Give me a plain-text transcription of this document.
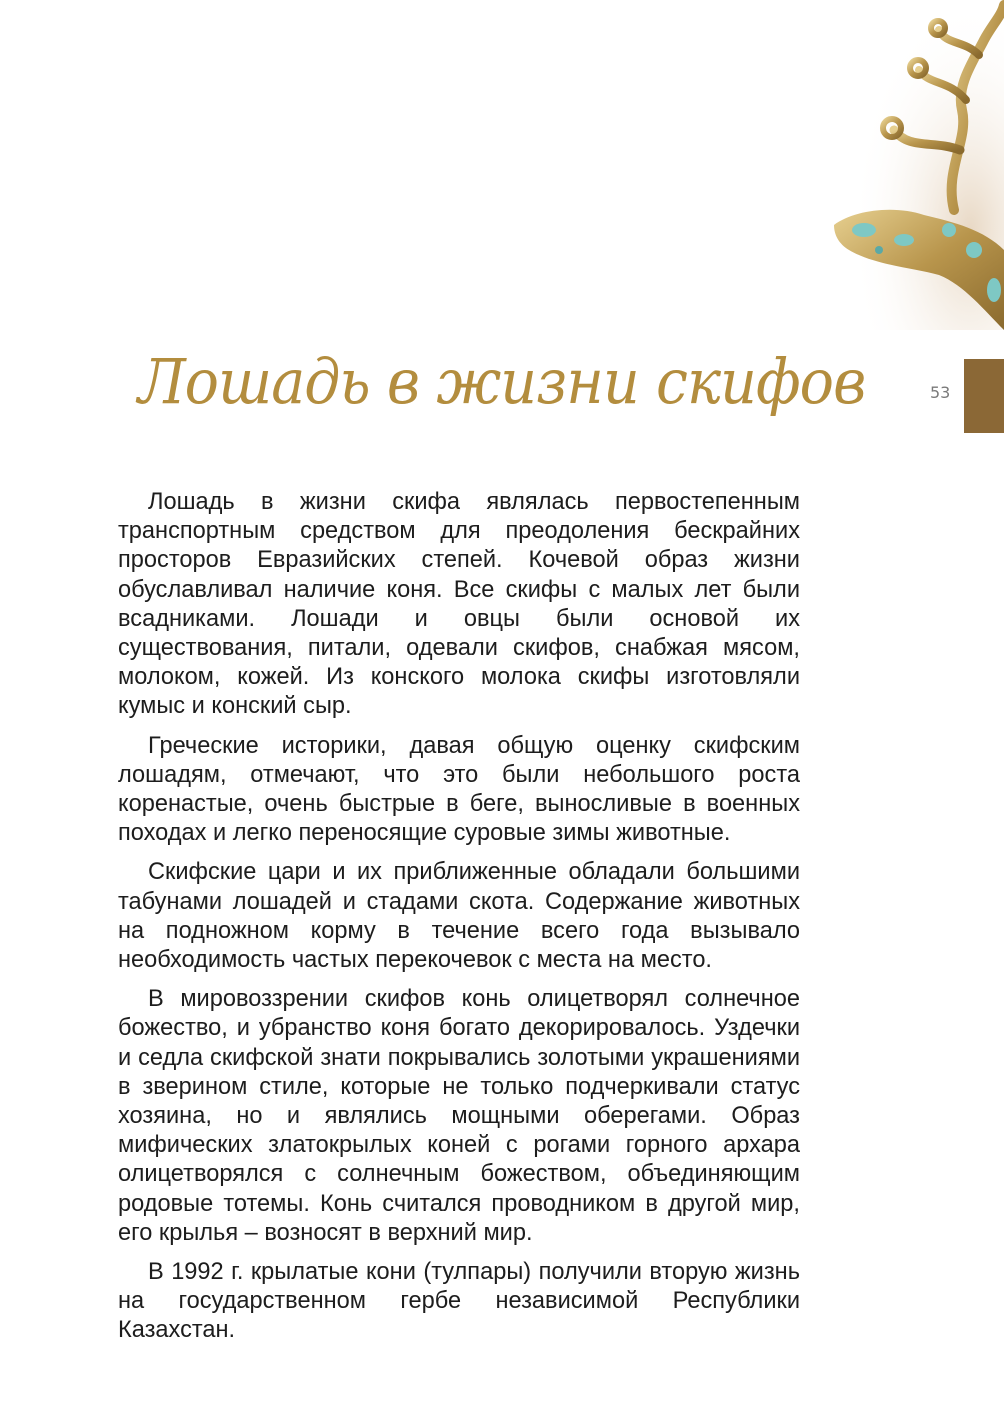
53
Лошадь в жизни скифов

Лошадь в жизни скифа являлась первостепенным транспортным средством для преодоления бескрайних просторов Евразийских степей. Кочевой образ жизни обуславливал наличие коня. Все скифы с малых лет были всадниками. Лошади и овцы были основой их существования, питали, одевали скифов, снабжая мясом, молоком, кожей. Из конского молока скифы изготовляли кумыс и конский сыр.

Греческие историки, давая общую оценку скифским лошадям, отмечают, что это были небольшого роста коренастые, очень быстрые в беге, выносливые в военных походах и легко переносящие суровые зимы животные.

Скифские цари и их приближенные обладали большими табунами лошадей и стадами скота. Содержание животных на подножном корму в течение всего года вызывало необходимость частых перекочевок с места на место.

В мировоззрении скифов конь олицетворял солнечное божество, и убранство коня богато декорировалось. Уздечки и седла скифской знати покрывались золотыми украшениями в зверином стиле, которые не только подчеркивали статус хозяина, но и являлись мощными оберегами. Образ мифических златокрылых коней с рогами горного архара олицетворялся с солнечным божеством, объединяющим родовые тотемы. Конь считался проводником в другой мир, его крылья – возносят в верхний мир.

В 1992 г. крылатые кони (тулпары) получили вторую жизнь на государственном гербе независимой Республики Казахстан.
